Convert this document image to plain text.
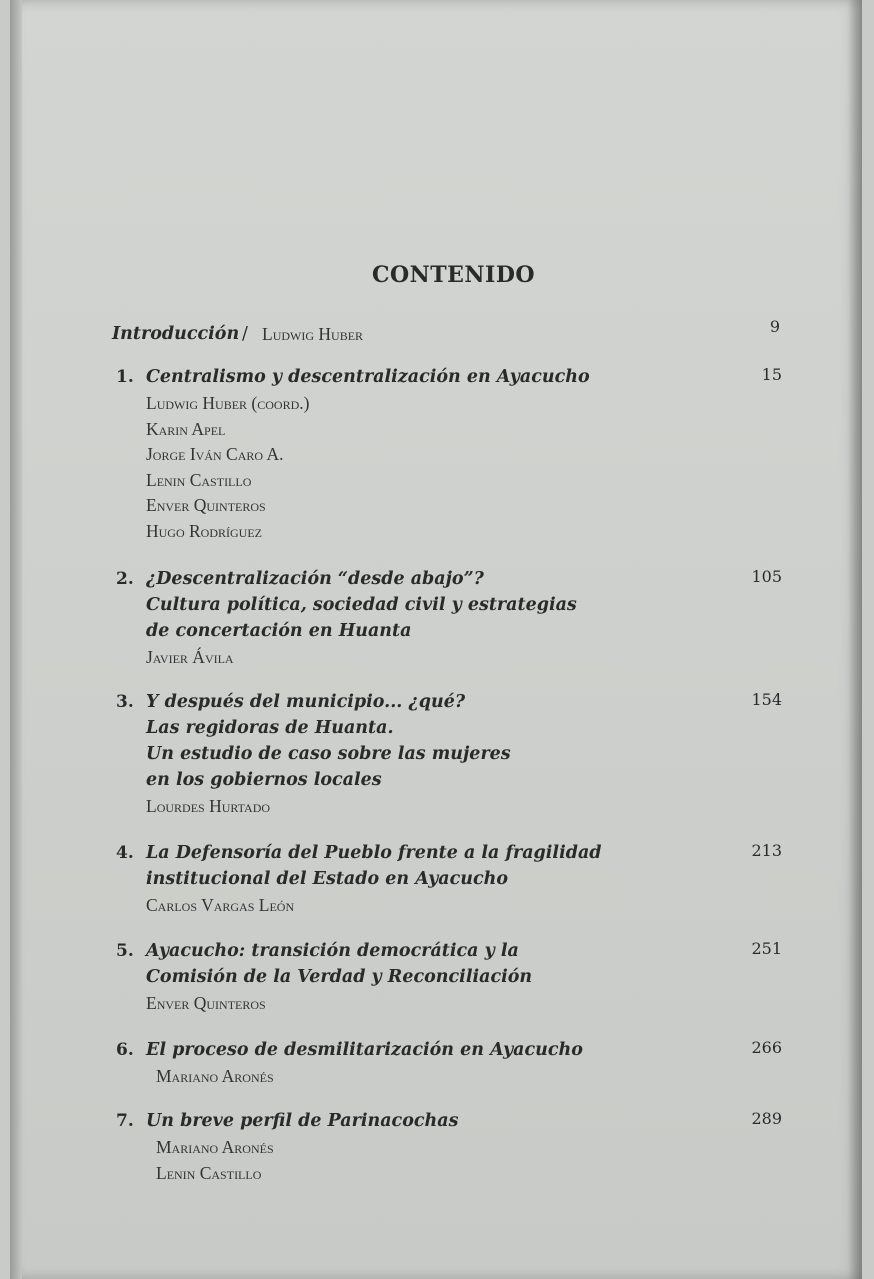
CONTENIDO
Introducción / Ludwig Huber	9
1. Centralismo y descentralización en Ayacucho	15
Ludwig Huber (coord.)
Karin Apel
Jorge Iván Caro A.
Lenin Castillo
Enver Quinteros
Hugo Rodríguez
2. ¿Descentralización “desde abajo”?
Cultura política, sociedad civil y estrategias
de concertación en Huanta
105
Javier Ávila
3. Y después del municipio... ¿qué?
Las regidoras de Huanta.
Un estudio de caso sobre las mujeres
en los gobiernos locales
154
Lourdes Hurtado
4. La Defensoría del Pueblo frente a la fragilidad
institucional del Estado en Ayacucho
213
Carlos Vargas León
5. Ayacucho: transición democrática y la
Comisión de la Verdad y Reconciliación
251
Enver Quinteros
6. El proceso de desmilitarización en Ayacucho	266
Mariano Aronés
7. Un breve perfil de Parinacochas	289
Mariano Aronés
Lenin Castillo
